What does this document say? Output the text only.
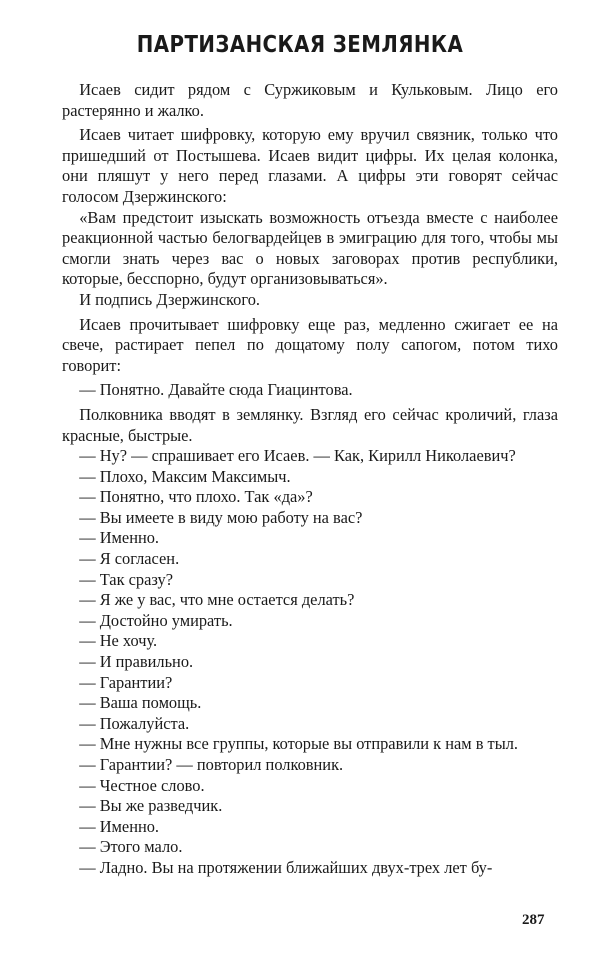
ПАРТИЗАНСКАЯ ЗЕМЛЯНКА

Исаев сидит рядом с Суржиковым и Кульковым. Лицо его растерянно и жалко.

Исаев читает шифровку, которую ему вручил связник, только что пришедший от Постышева. Исаев видит цифры. Их целая колонка, они пляшут у него перед глазами. А цифры эти говорят сейчас голосом Дзержинского:

«Вам предстоит изыскать возможность отъезда вместе с наиболее реакционной частью белогвардейцев в эмиграцию для того, чтобы мы смогли знать через вас о новых заговорах против республики, которые, бесспорно, будут организовываться».

И подпись Дзержинского.

Исаев прочитывает шифровку еще раз, медленно сжигает ее на свече, растирает пепел по дощатому полу сапогом, потом тихо говорит:

— Понятно. Давайте сюда Гиацинтова.

Полковника вводят в землянку. Взгляд его сейчас кроличий, глаза красные, быстрые.

— Ну? — спрашивает его Исаев. — Как, Кирилл Николаевич?

— Плохо, Максим Максимыч.

— Понятно, что плохо. Так «да»?

— Вы имеете в виду мою работу на вас?

— Именно.

— Я согласен.

— Так сразу?

— Я же у вас, что мне остается делать?

— Достойно умирать.

— Не хочу.

— И правильно.

— Гарантии?

— Ваша помощь.

— Пожалуйста.

— Мне нужны все группы, которые вы отправили к нам в тыл.

— Гарантии? — повторил полковник.

— Честное слово.

— Вы же разведчик.

— Именно.

— Этого мало.

— Ладно. Вы на протяжении ближайших двух-трех лет бу-

287
